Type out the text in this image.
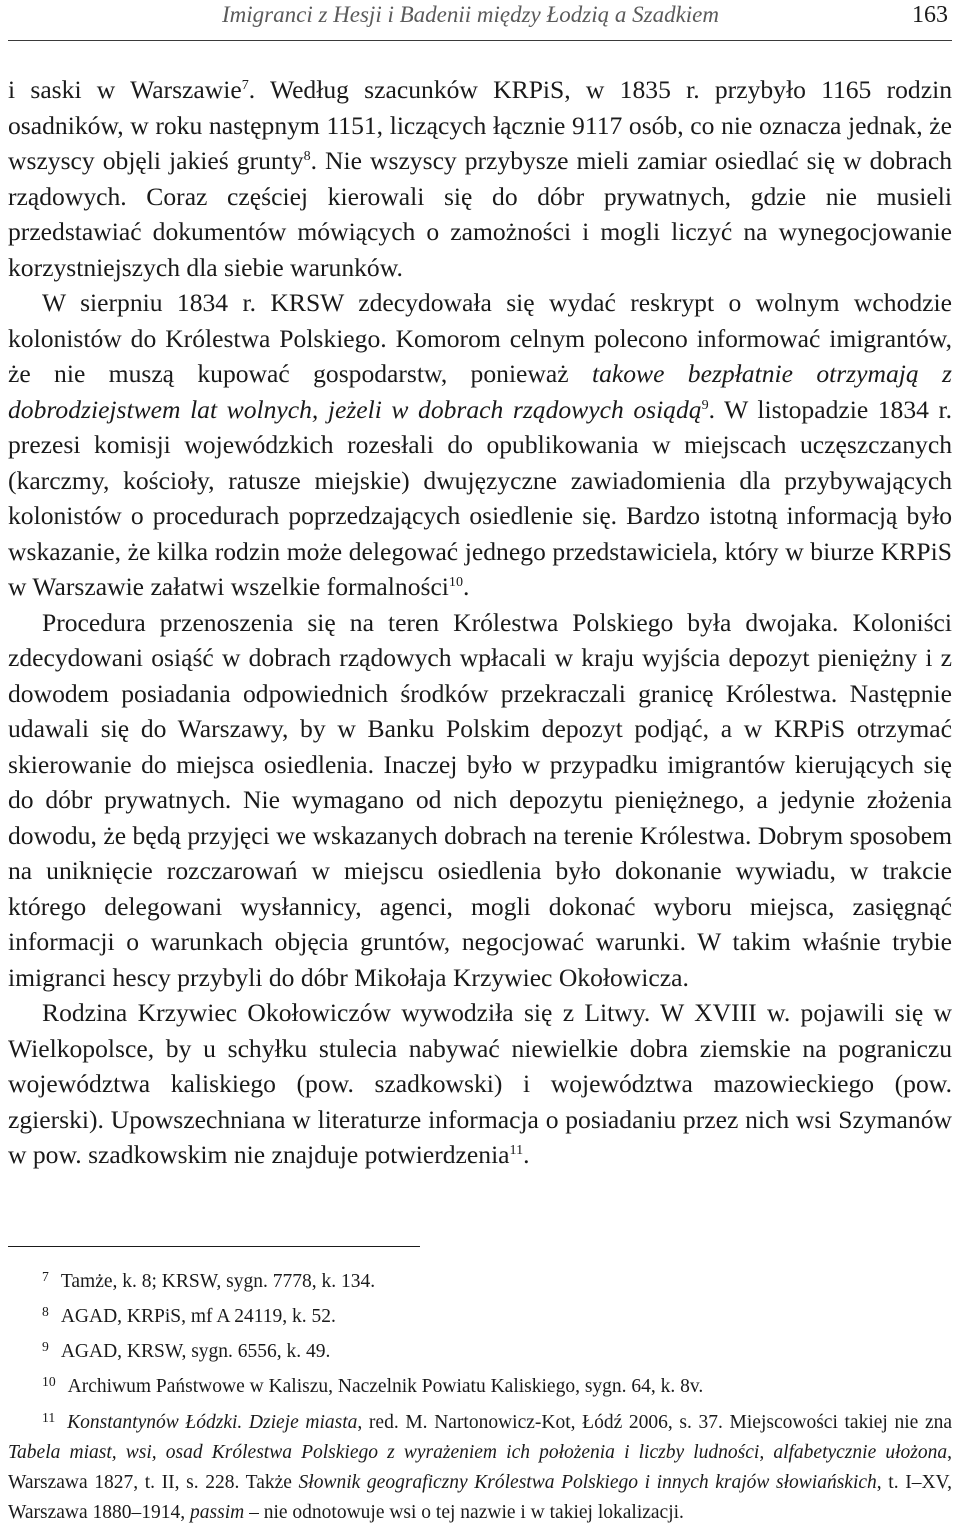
Imigranci z Hesji i Badenii między Łodzią a Szadkiem	163

i saski w Warszawie$^7$. Według szacunków KRPiS, w 1835 r. przybyło 1165 rodzin osadników, w roku następnym 1151, liczących łącznie 9117 osób, co nie oznacza jednak, że wszyscy objęli jakieś grunty$^8$. Nie wszyscy przybysze mieli zamiar osiedlać się w dobrach rządowych. Coraz częściej kierowali się do dóbr prywatnych, gdzie nie musieli przedstawiać dokumentów mówiących o zamożności i mogli liczyć na wynegocjowanie korzystniejszych dla siebie warunków.

W sierpniu 1834 r. KRSW zdecydowała się wydać reskrypt o wolnym wchodzie kolonistów do Królestwa Polskiego. Komorom celnym polecono informować imigrantów, że nie muszą kupować gospodarstw, ponieważ takowe bezpłatnie otrzymają z dobrodziejstwem lat wolnych, jeżeli w dobrach rządowych osiądą$^9$. W listopadzie 1834 r. prezesi komisji wojewódzkich rozesłali do opublikowania w miejscach uczęszczanych (karczmy, kościoły, ratusze miejskie) dwujęzyczne zawiadomienia dla przybywających kolonistów o procedurach poprzedzających osiedlenie się. Bardzo istotną informacją było wskazanie, że kilka rodzin może delegować jednego przedstawiciela, który w biurze KRPiS w Warszawie załatwi wszelkie formalności$^{10}$.

Procedura przenoszenia się na teren Królestwa Polskiego była dwojaka. Koloniści zdecydowani osiąść w dobrach rządowych wpłacali w kraju wyjścia depozyt pieniężny i z dowodem posiadania odpowiednich środków przekraczali granicę Królestwa. Następnie udawali się do Warszawy, by w Banku Polskim depozyt podjąć, a w KRPiS otrzymać skierowanie do miejsca osiedlenia. Inaczej było w przypadku imigrantów kierujących się do dóbr prywatnych. Nie wymagano od nich depozytu pieniężnego, a jedynie złożenia dowodu, że będą przyjęci we wskazanych dobrach na terenie Królestwa. Dobrym sposobem na uniknięcie rozczarowań w miejscu osiedlenia było dokonanie wywiadu, w trakcie którego delegowani wysłannicy, agenci, mogli dokonać wyboru miejsca, zasięgnąć informacji o warunkach objęcia gruntów, negocjować warunki. W takim właśnie trybie imigranci hescy przybyli do dóbr Mikołaja Krzywiec Okołowicza.

Rodzina Krzywiec Okołowiczów wywodziła się z Litwy. W XVIII w. pojawili się w Wielkopolsce, by u schyłku stulecia nabywać niewielkie dobra ziemskie na pograniczu województwa kaliskiego (pow. szadkowski) i województwa mazowieckiego (pow. zgierski). Upowszechniana w literaturze informacja o posiadaniu przez nich wsi Szymanów w pow. szadkowskim nie znajduje potwierdzenia$^{11}$.

7 Tamże, k. 8; KRSW, sygn. 7778, k. 134.

8 AGAD, KRPiS, mf A 24119, k. 52.

9 AGAD, KRSW, sygn. 6556, k. 49.

10 Archiwum Państwowe w Kaliszu, Naczelnik Powiatu Kaliskiego, sygn. 64, k. 8v.

11 Konstantynów Łódzki. Dzieje miasta, red. M. Nartonowicz-Kot, Łódź 2006, s. 37. Miejscowości takiej nie zna Tabela miast, wsi, osad Królestwa Polskiego z wyrażeniem ich położenia i liczby ludności, alfabetycznie ułożona, Warszawa 1827, t. II, s. 228. Także Słownik geograficzny Królestwa Polskiego i innych krajów słowiańskich, t. I–XV, Warszawa 1880–1914, passim – nie odnotowuje wsi o tej nazwie i w takiej lokalizacji.
